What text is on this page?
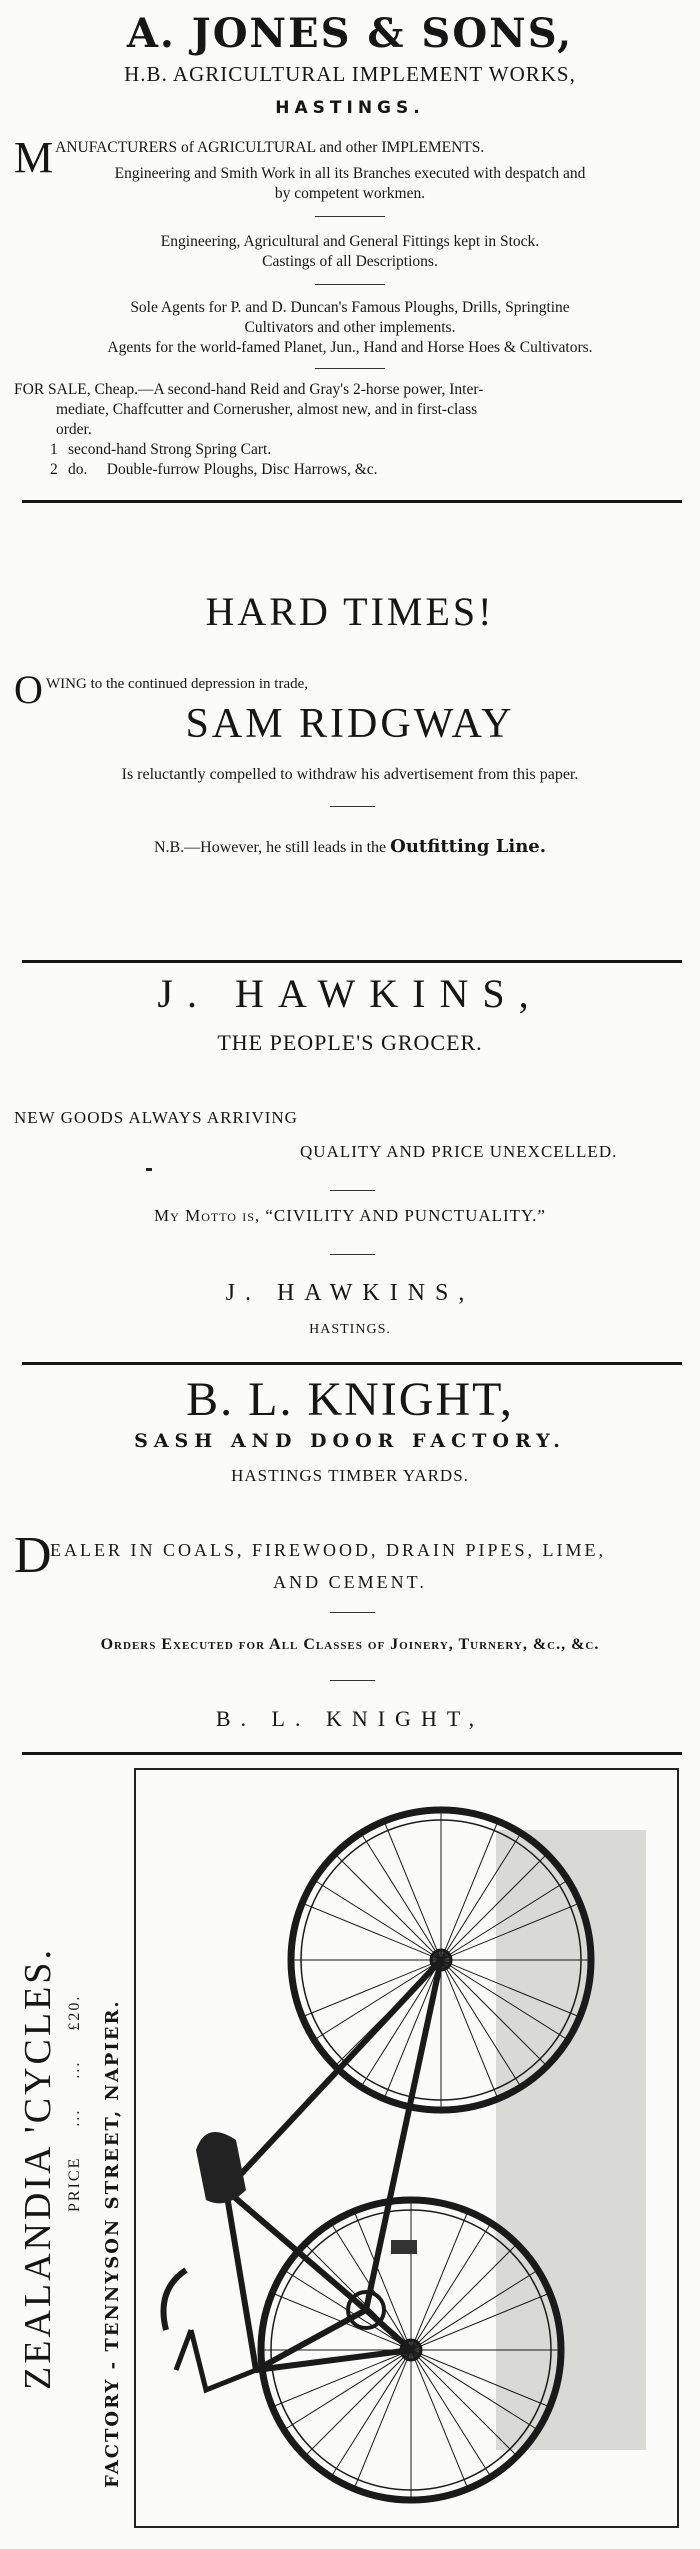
A. JONES & SONS,
H.B. AGRICULTURAL IMPLEMENT WORKS,
HASTINGS.
M ANUFACTURERS of AGRICULTURAL and other IMPLEMENTS.
Engineering and Smith Work in all its Branches executed with despatch and
by competent workmen.
Engineering, Agricultural and General Fittings kept in Stock.
Castings of all Descriptions.
Sole Agents for P. and D. Duncan's Famous Ploughs, Drills, Springtine
Cultivators and other implements.
Agents for the world-famed Planet, Jun., Hand and Horse Hoes & Cultivators.
FOR SALE, Cheap.—A second-hand Reid and Gray's 2-horse power, Inter-
mediate, Chaffcutter and Cornerusher, almost new, and in first-class
order.
1 second-hand Strong Spring Cart.
2 do.     Double-furrow Ploughs, Disc Harrows, &c.
HARD TIMES!
O WING to the continued depression in trade,
SAM RIDGWAY
Is reluctantly compelled to withdraw his advertisement from this paper.
N.B.—However, he still leads in the Outfitting Line.
J. HAWKINS,
THE PEOPLE'S GROCER.
NEW GOODS ALWAYS ARRIVING
QUALITY AND PRICE UNEXCELLED.
My Motto is, “CIVILITY AND PUNCTUALITY.”
J. HAWKINS,
HASTINGS.
B. L. KNIGHT,
SASH AND DOOR FACTORY.
HASTINGS TIMBER YARDS.
D
EALER IN COALS, FIREWOOD, DRAIN PIPES, LIME,
AND CEMENT.
Orders Executed for All Classes of Joinery, Turnery, &c., &c.
B. L. KNIGHT,
ZEALANDIA 'CYCLES. PRICE     ...     ...     £20. FACTORY - TENNYSON STREET, NAPIER.
